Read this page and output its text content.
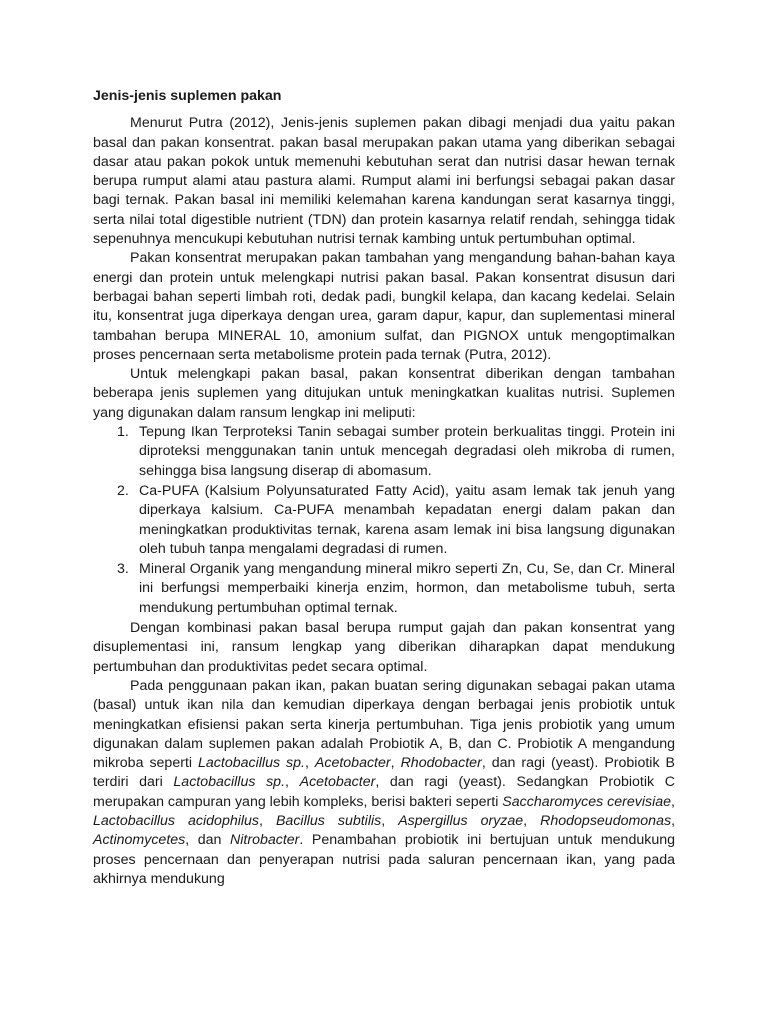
Jenis-jenis suplemen pakan

Menurut Putra (2012), Jenis-jenis suplemen pakan dibagi menjadi dua yaitu pakan basal dan pakan konsentrat. pakan basal merupakan pakan utama yang diberikan sebagai dasar atau pakan pokok untuk memenuhi kebutuhan serat dan nutrisi dasar hewan ternak berupa rumput alami atau pastura alami. Rumput alami ini berfungsi sebagai pakan dasar bagi ternak. Pakan basal ini memiliki kelemahan karena kandungan serat kasarnya tinggi, serta nilai total digestible nutrient (TDN) dan protein kasarnya relatif rendah, sehingga tidak sepenuhnya mencukupi kebutuhan nutrisi ternak kambing untuk pertumbuhan optimal.

Pakan konsentrat merupakan pakan tambahan yang mengandung bahan-bahan kaya energi dan protein untuk melengkapi nutrisi pakan basal. Pakan konsentrat disusun dari berbagai bahan seperti limbah roti, dedak padi, bungkil kelapa, dan kacang kedelai. Selain itu, konsentrat juga diperkaya dengan urea, garam dapur, kapur, dan suplementasi mineral tambahan berupa MINERAL 10, amonium sulfat, dan PIGNOX untuk mengoptimalkan proses pencernaan serta metabolisme protein pada ternak (Putra, 2012).

Untuk melengkapi pakan basal, pakan konsentrat diberikan dengan tambahan beberapa jenis suplemen yang ditujukan untuk meningkatkan kualitas nutrisi. Suplemen yang digunakan dalam ransum lengkap ini meliputi:

1. Tepung Ikan Terproteksi Tanin sebagai sumber protein berkualitas tinggi. Protein ini diproteksi menggunakan tanin untuk mencegah degradasi oleh mikroba di rumen, sehingga bisa langsung diserap di abomasum.
2. Ca-PUFA (Kalsium Polyunsaturated Fatty Acid), yaitu asam lemak tak jenuh yang diperkaya kalsium. Ca-PUFA menambah kepadatan energi dalam pakan dan meningkatkan produktivitas ternak, karena asam lemak ini bisa langsung digunakan oleh tubuh tanpa mengalami degradasi di rumen.
3. Mineral Organik yang mengandung mineral mikro seperti Zn, Cu, Se, dan Cr. Mineral ini berfungsi memperbaiki kinerja enzim, hormon, dan metabolisme tubuh, serta mendukung pertumbuhan optimal ternak.

Dengan kombinasi pakan basal berupa rumput gajah dan pakan konsentrat yang disuplementasi ini, ransum lengkap yang diberikan diharapkan dapat mendukung pertumbuhan dan produktivitas pedet secara optimal.

Pada penggunaan pakan ikan, pakan buatan sering digunakan sebagai pakan utama (basal) untuk ikan nila dan kemudian diperkaya dengan berbagai jenis probiotik untuk meningkatkan efisiensi pakan serta kinerja pertumbuhan. Tiga jenis probiotik yang umum digunakan dalam suplemen pakan adalah Probiotik A, B, dan C. Probiotik A mengandung mikroba seperti Lactobacillus sp., Acetobacter, Rhodobacter, dan ragi (yeast). Probiotik B terdiri dari Lactobacillus sp., Acetobacter, dan ragi (yeast). Sedangkan Probiotik C merupakan campuran yang lebih kompleks, berisi bakteri seperti Saccharomyces cerevisiae, Lactobacillus acidophilus, Bacillus subtilis, Aspergillus oryzae, Rhodopseudomonas, Actinomycetes, dan Nitrobacter. Penambahan probiotik ini bertujuan untuk mendukung proses pencernaan dan penyerapan nutrisi pada saluran pencernaan ikan, yang pada akhirnya mendukung
